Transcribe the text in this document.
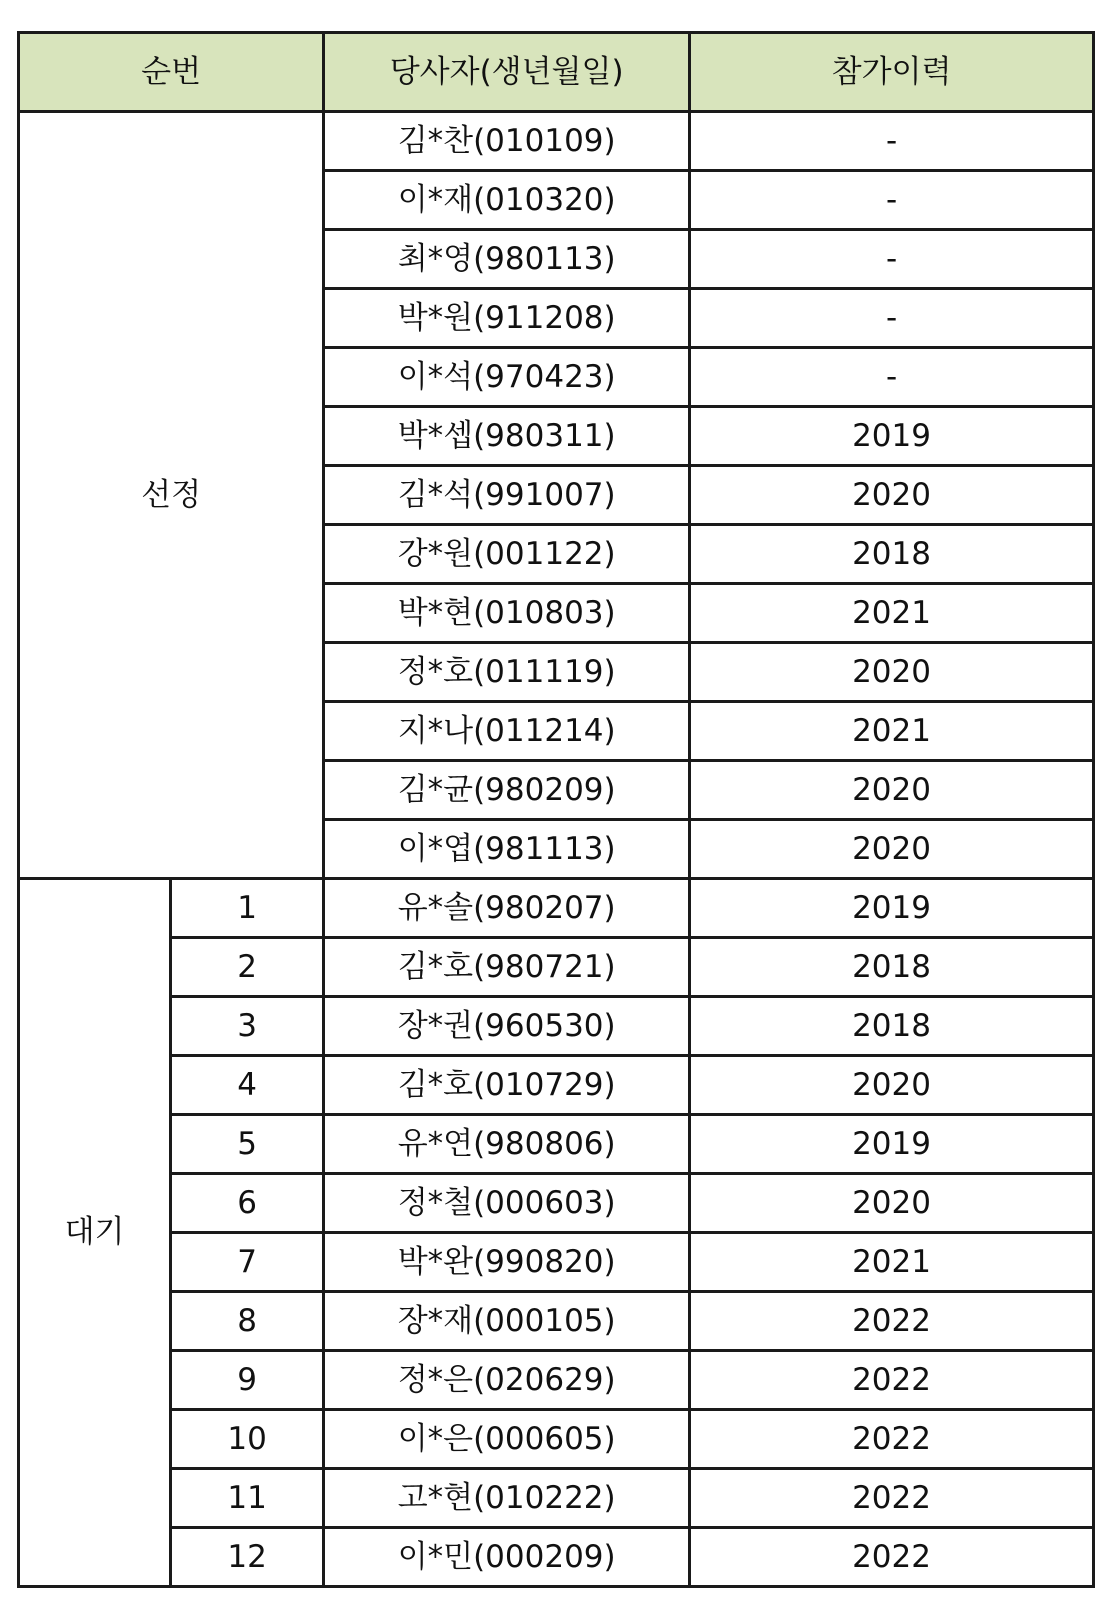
순번		당사자(생년월일)	참가이력
선정		김*찬(010109)	-
		이*재(010320)	-
		최*영(980113)	-
		박*원(911208)	-
		이*석(970423)	-
		박*셉(980311)	2019
		김*석(991007)	2020
		강*원(001122)	2018
		박*현(010803)	2021
		정*호(011119)	2020
		지*나(011214)	2021
		김*균(980209)	2020
		이*엽(981113)	2020
대기	1	유*솔(980207)	2019
	2	김*호(980721)	2018
	3	장*권(960530)	2018
	4	김*호(010729)	2020
	5	유*연(980806)	2019
	6	정*철(000603)	2020
	7	박*완(990820)	2021
	8	장*재(000105)	2022
	9	정*은(020629)	2022
	10	이*은(000605)	2022
	11	고*현(010222)	2022
	12	이*민(000209)	2022
